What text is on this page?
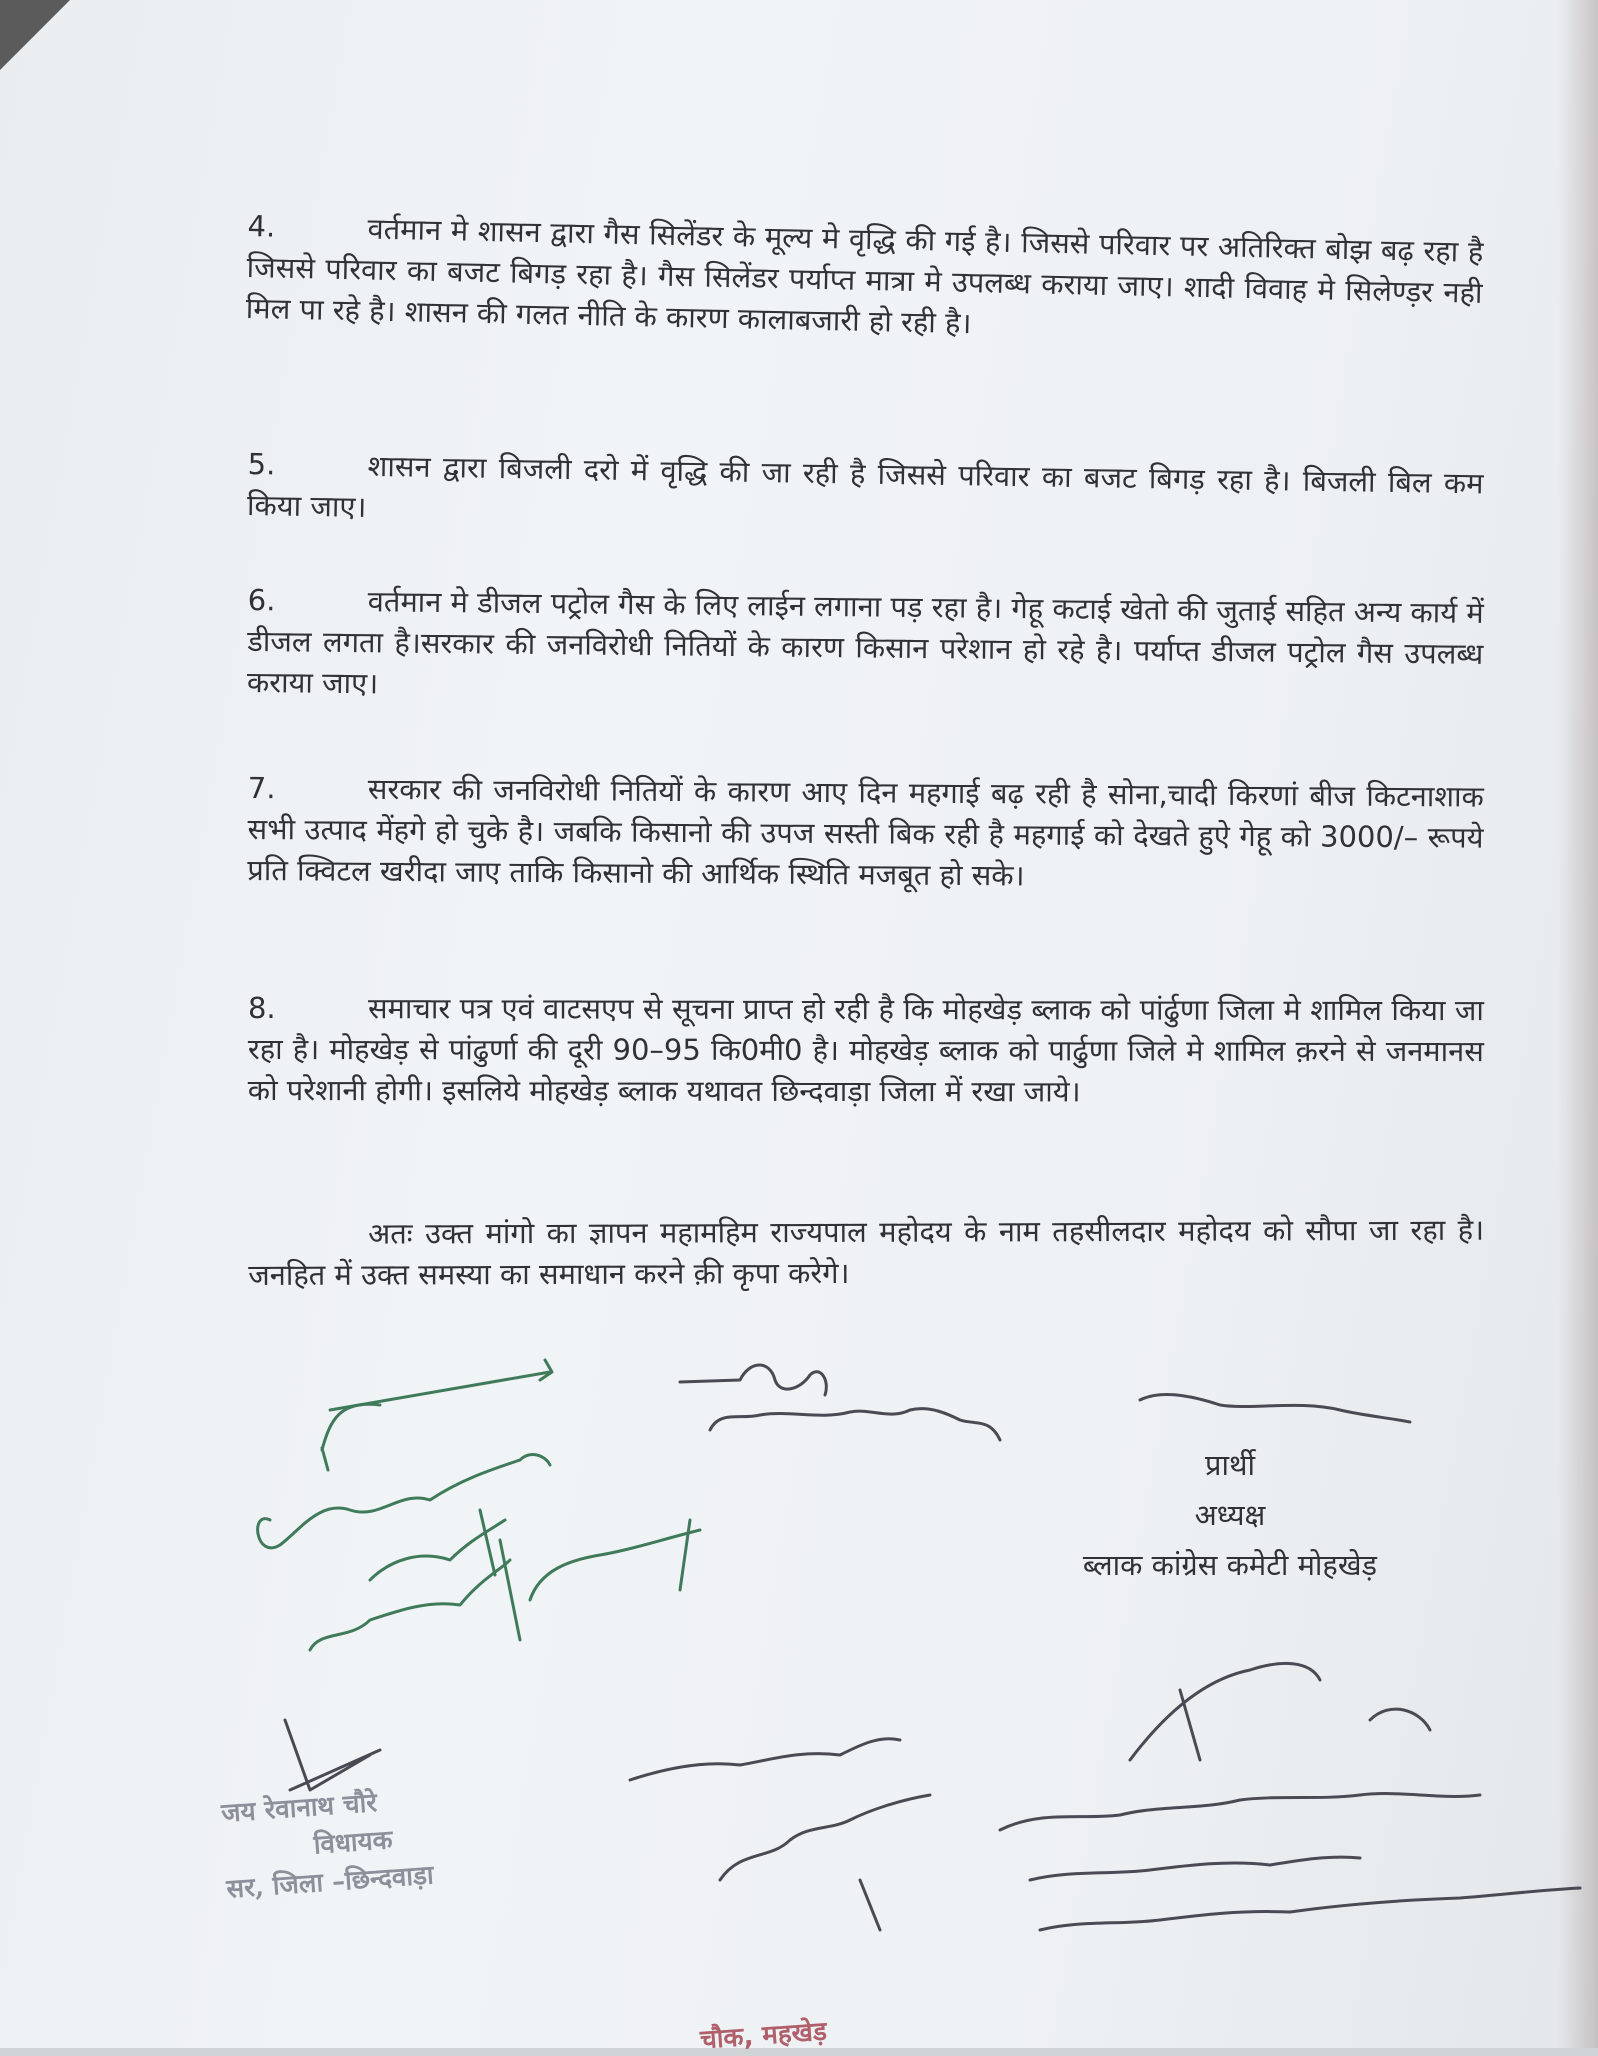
4.	वर्तमान मे शासन द्वारा गैस सिलेंडर के मूल्य मे वृद्धि की गई है। जिससे परिवार पर अतिरिक्त बोझ बढ़ रहा है जिससे परिवार का बजट बिगड़ रहा है। गैस सिलेंडर पर्याप्त मात्रा मे उपलब्ध कराया जाए। शादी विवाह मे सिलेण्ड़र नही मिल पा रहे है। शासन की गलत नीति के कारण कालाबजारी हो रही है।
5.	शासन द्वारा बिजली दरो में वृद्धि की जा रही है जिससे परिवार का बजट बिगड़ रहा है। बिजली बिल कम किया जाए।
6.	वर्तमान मे डीजल पट्रोल गैस के लिए लाईन लगाना पड़ रहा है। गेहू कटाई खेतो की जुताई सहित अन्य कार्य में डीजल लगता है।सरकार की जनविरोधी नितियों के कारण किसान परेशान हो रहे है। पर्याप्त डीजल पट्रोल गैस उपलब्ध कराया जाए।
7.	सरकार की जनविरोधी नितियों के कारण आए दिन महगाई बढ़ रही है सोना,चादी किरणां बीज किटनाशाक सभी उत्पाद मेंहगे हो चुके है। जबकि किसानो की उपज सस्ती बिक रही है महगाई को देखते हुऐ गेहू को 3000/– रूपये प्रति क्विटल खरीदा जाए ताकि किसानो की आर्थिक स्थिति मजबूत हो सके।
8.	समाचार पत्र एवं वाटसएप से सूचना प्राप्त हो रही है कि मोहखेड़ ब्लाक को पांर्ढुणा जिला मे शामिल किया जा रहा है। मोहखेड़ से पांढुर्णा की दूरी 90–95 कि0मी0 है। मोहखेड़ ब्लाक को पार्ढुणा जिले मे शामिल क़रने से जनमानस को परेशानी होगी। इसलिये मोहखेड़ ब्लाक यथावत छिन्दवाड़ा जिला में रखा जाये।
अतः उक्त मांगो का ज्ञापन महामहिम राज्यपाल महोदय के नाम तहसीलदार महोदय को सौपा जा रहा है। जनहित में उक्त समस्या का समाधान करने क़ी कृपा करेगे।
प्रार्थी
अध्यक्ष
ब्लाक कांग्रेस कमेटी मोहखेड़
जय रेवानाथ चौरे
विधायक
सर, जिला –छिन्दवाड़ा
चौक, महखेड़
